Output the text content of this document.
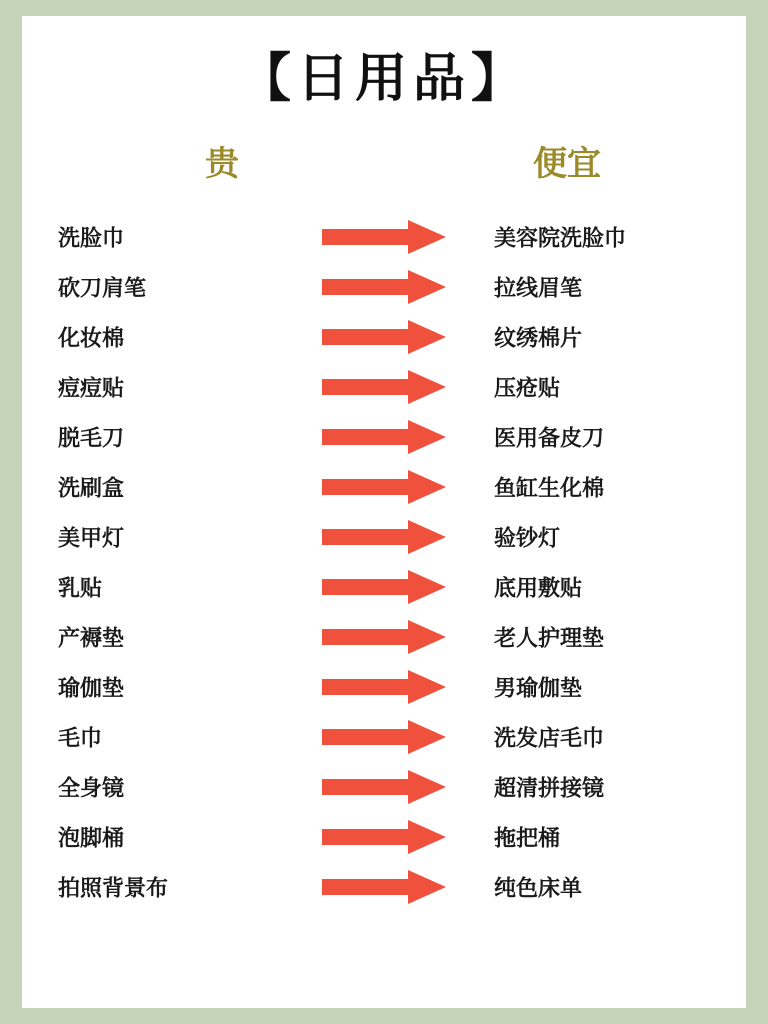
【日用品】
贵	便宜
洗脸巾	美容院洗脸巾
砍刀肩笔	拉线眉笔
化妆棉	纹绣棉片
痘痘贴	压疮贴
脱毛刀	医用备皮刀
洗刷盒	鱼缸生化棉
美甲灯	验钞灯
乳贴	底用敷贴
产褥垫	老人护理垫
瑜伽垫	男瑜伽垫
毛巾	洗发店毛巾
全身镜	超清拼接镜
泡脚桶	拖把桶
拍照背景布	纯色床单
